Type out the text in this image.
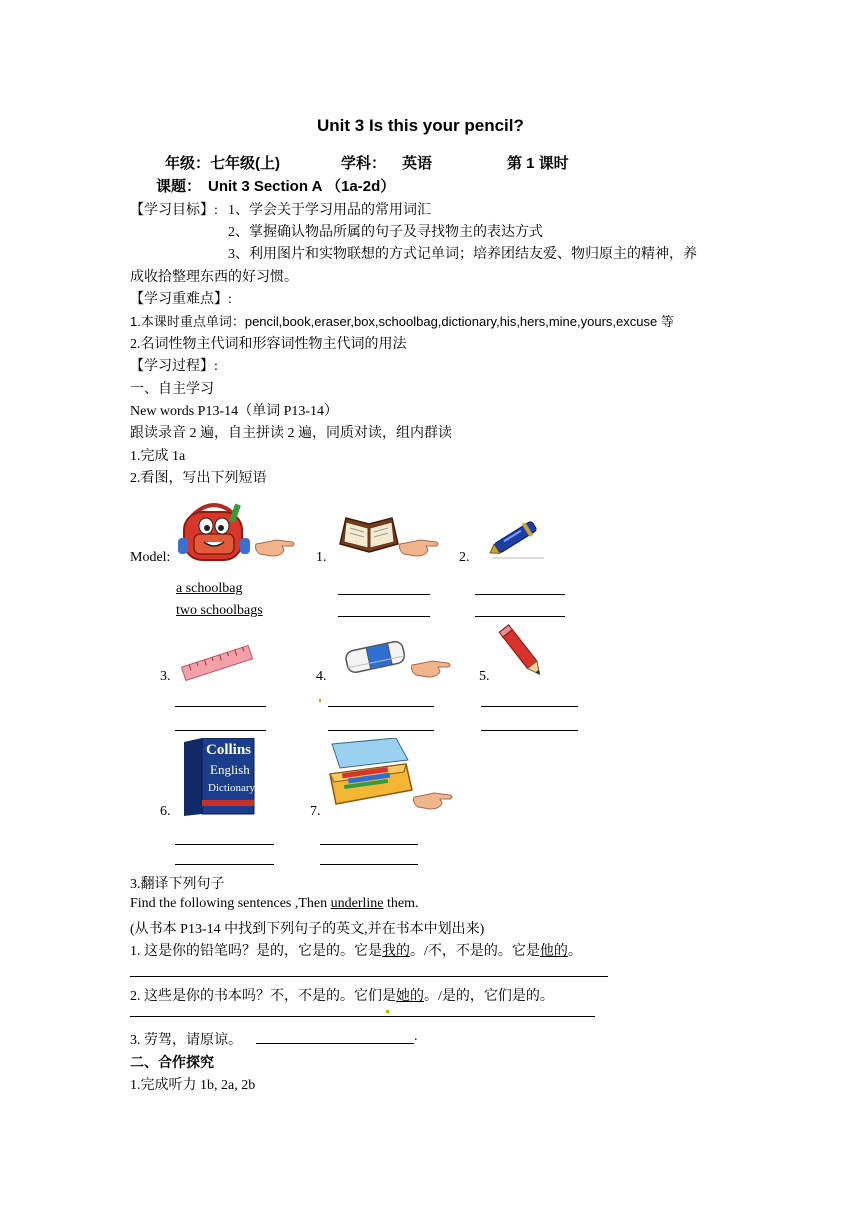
Unit 3 Is this your pencil?
年级：七年级(上)	学科： 英语	第 1 课时
课题： Unit 3 Section A （1a-2d）
【学习目标】: 1、学会关于学习用品的常用词汇
2、掌握确认物品所属的句子及寻找物主的表达方式
3、利用图片和实物联想的方式记单词；培养团结友爱、物归原主的精神，养
成收拾整理东西的好习惯。
【学习重难点】:
1.本课时重点单词：pencil,book,eraser,box,schoolbag,dictionary,his,hers,mine,yours,excuse 等
2.名词性物主代词和形容词性物主代词的用法
【学习过程】:
一、自主学习
New words P13-14（单词 P13-14）
跟读录音 2 遍，自主拼读 2 遍，同质对读，组内群读
1.完成 1a
2.看图，写出下列短语
Model:
a schoolbag
two schoolbags
1.	2.
3.	4.	5.
6.
Collins
English
Dictionary
7.
3.翻译下列句子
Find the following sentences ,Then underline them.
(从书本 P13-14 中找到下列句子的英文,并在书本中划出来)
1. 这是你的铅笔吗？是的，它是的。它是我的。/不，不是的。它是他的。
2. 这些是你的书本吗？不，不是的。它们是她的。/是的，它们是的。
3. 劳驾，请原谅。	.
二、合作探究
1.完成听力 1b, 2a, 2b
